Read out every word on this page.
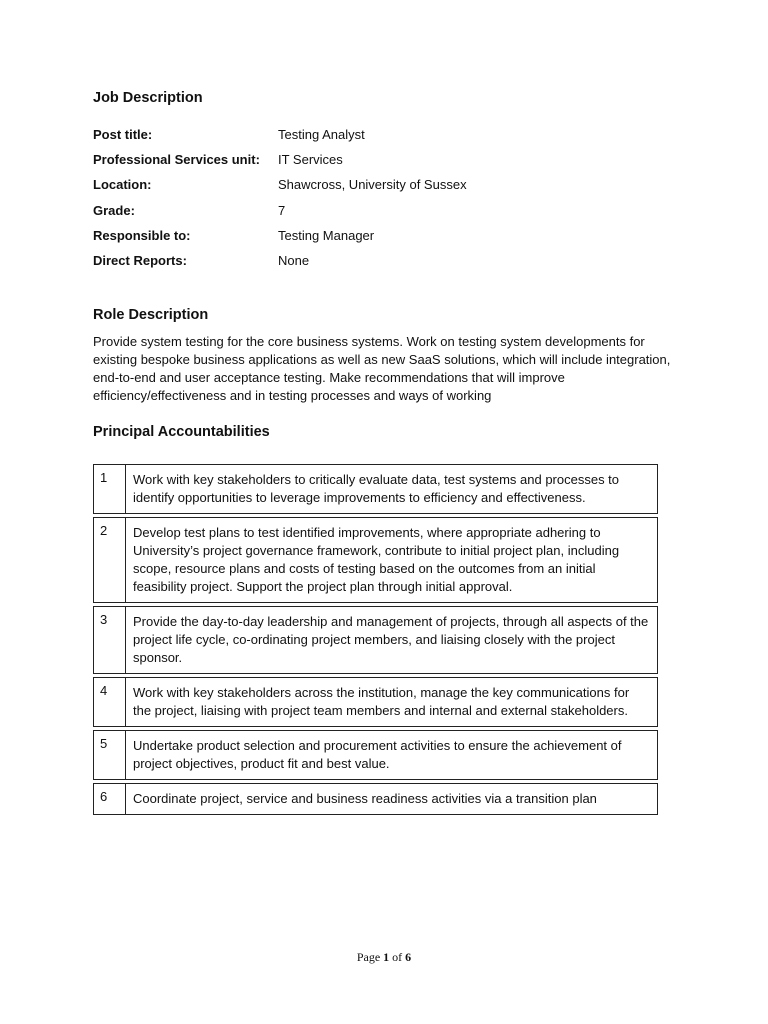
Job Description
Post title:	Testing Analyst
Professional Services unit:	IT Services
Location:	Shawcross, University of Sussex
Grade:	7
Responsible to:	Testing Manager
Direct Reports:	None
Role Description

Provide system testing for the core business systems. Work on testing system developments for existing bespoke business applications as well as new SaaS solutions, which will include integration, end-to-end and user acceptance testing. Make recommendations that will improve efficiency/effectiveness and in testing processes and ways of working

Principal Accountabilities
1	Work with key stakeholders to critically evaluate data, test systems and processes to identify opportunities to leverage improvements to efficiency and effectiveness.
2	Develop test plans to test identified improvements, where appropriate adhering to University’s project governance framework, contribute to initial project plan, including scope, resource plans and costs of testing based on the outcomes from an initial feasibility project. Support the project plan through initial approval.
3	Provide the day-to-day leadership and management of projects, through all aspects of the project life cycle, co-ordinating project members, and liaising closely with the project sponsor.
4	Work with key stakeholders across the institution, manage the key communications for the project, liaising with project team members and internal and external stakeholders.
5	Undertake product selection and procurement activities to ensure the achievement of project objectives, product fit and best value.
6	Coordinate project, service and business readiness activities via a transition plan
Page 1 of 6
